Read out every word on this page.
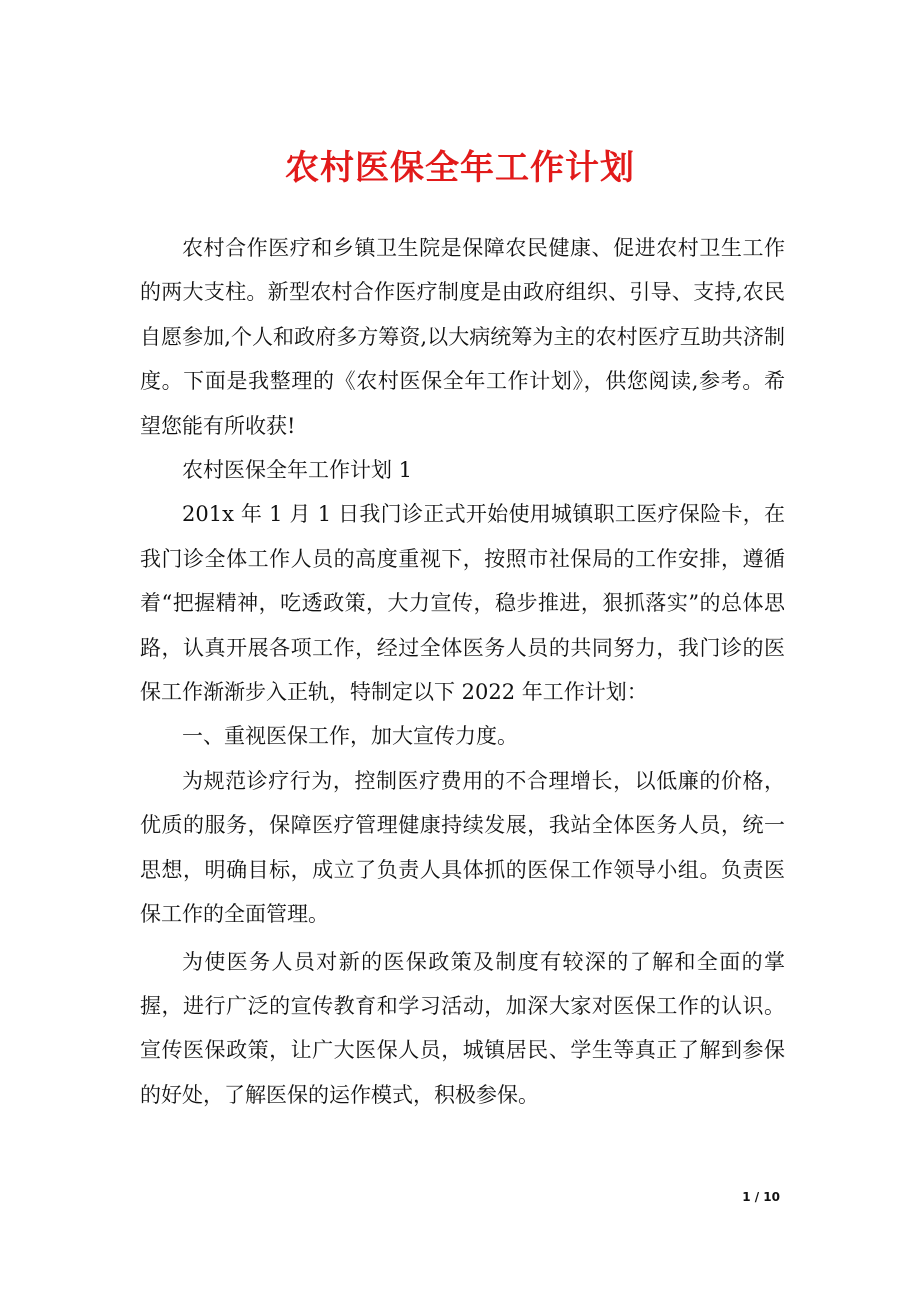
农村医保全年工作计划

农村合作医疗和乡镇卫生院是保障农民健康、促进农村卫生工作的两大支柱。新型农村合作医疗制度是由政府组织、引导、支持,农民自愿参加,个人和政府多方筹资,以大病统筹为主的农村医疗互助共济制度。下面是我整理的《农村医保全年工作计划》，供您阅读,参考。希望您能有所收获!

农村医保全年工作计划 1

201x 年 1 月 1 日我门诊正式开始使用城镇职工医疗保险卡，在我门诊全体工作人员的高度重视下，按照市社保局的工作安排，遵循着“把握精神，吃透政策，大力宣传，稳步推进，狠抓落实”的总体思路，认真开展各项工作，经过全体医务人员的共同努力，我门诊的医保工作渐渐步入正轨，特制定以下 2022 年工作计划：

一、重视医保工作，加大宣传力度。

为规范诊疗行为，控制医疗费用的不合理增长，以低廉的价格，优质的服务，保障医疗管理健康持续发展，我站全体医务人员，统一思想，明确目标，成立了负责人具体抓的医保工作领导小组。负责医保工作的全面管理。

为使医务人员对新的医保政策及制度有较深的了解和全面的掌握，进行广泛的宣传教育和学习活动，加深大家对医保工作的认识。宣传医保政策，让广大医保人员，城镇居民、学生等真正了解到参保的好处，了解医保的运作模式，积极参保。

1 / 10
